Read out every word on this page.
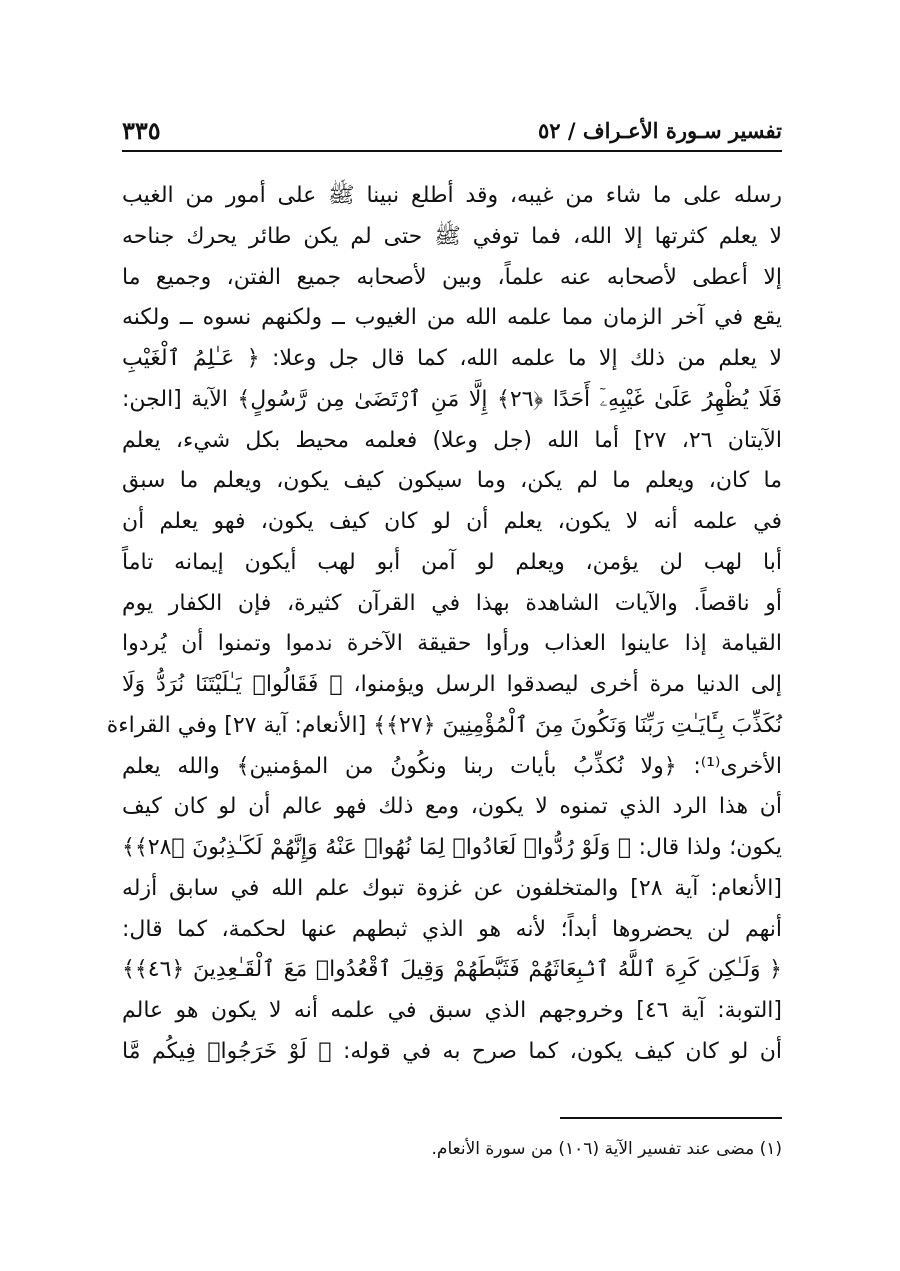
تفسير سـورة الأعـراف / ٥٢
٣٣٥
رسله على ما شاء من غيبه، وقد أطلع نبينا ﷺ على أمور من الغيب
لا يعلم كثرتها إلا الله، فما توفي ﷺ حتى لم يكن طائر يحرك جناحه
إلا أعطى لأصحابه عنه علماً، وبين لأصحابه جميع الفتن، وجميع ما
يقع في آخر الزمان مما علمه الله من الغيوب ــ ولكنهم نسوه ــ ولكنه
لا يعلم من ذلك إلا ما علمه الله، كما قال جل وعلا: ﴿ عَـٰلِمُ ٱلْغَيْبِ
فَلَا يُظْهِرُ عَلَىٰ غَيْبِهِۦٓ أَحَدًا ﴿٢٦﴾ إِلَّا مَنِ ٱرْتَضَىٰ مِن رَّسُولٍ﴾ الآية [الجن:
الآيتان ٢٦، ٢٧] أما الله (جل وعلا) فعلمه محيط بكل شيء، يعلم
ما كان، ويعلم ما لم يكن، وما سيكون كيف يكون، ويعلم ما سبق
في علمه أنه لا يكون، يعلم أن لو كان كيف يكون، فهو يعلم أن
أبا لهب لن يؤمن، ويعلم لو آمن أبو لهب أيكون إيمانه تاماً
أو ناقصاً. والآيات الشاهدة بهذا في القرآن كثيرة، فإن الكفار يوم
القيامة إذا عاينوا العذاب ورأوا حقيقة الآخرة ندموا وتمنوا أن يُردوا
إلى الدنيا مرة أخرى ليصدقوا الرسل ويؤمنوا، ﴿ فَقَالُوا۟ يَـٰلَيْتَنَا نُرَدُّ وَلَا
نُكَذِّبَ بِـَٔايَـٰتِ رَبِّنَا وَنَكُونَ مِنَ ٱلْمُؤْمِنِينَ ﴿٢٧﴾﴾ [الأنعام: آية ٢٧] وفي القراءة
الأخرى⁽¹⁾: ﴿ولا نُكذِّبُ بأيات ربنا ونكُونُ من المؤمنين﴾ والله يعلم
أن هذا الرد الذي تمنوه لا يكون، ومع ذلك فهو عالم أن لو كان كيف
يكون؛ ولذا قال: ﴿ وَلَوْ رُدُّوا۟ لَعَادُوا۟ لِمَا نُهُوا۟ عَنْهُ وَإِنَّهُمْ لَكَـٰذِبُونَ ﴿٢٨﴾﴾
[الأنعام: آية ٢٨] والمتخلفون عن غزوة تبوك علم الله في سابق أزله
أنهم لن يحضروها أبداً؛ لأنه هو الذي ثبطهم عنها لحكمة، كما قال:
﴿ وَلَـٰكِن كَرِهَ ٱللَّهُ ٱنۢبِعَاثَهُمْ فَثَبَّطَهُمْ وَقِيلَ ٱقْعُدُوا۟ مَعَ ٱلْقَـٰعِدِينَ ﴿٤٦﴾﴾
[التوبة: آية ٤٦] وخروجهم الذي سبق في علمه أنه لا يكون هو عالم
أن لو كان كيف يكون، كما صرح به في قوله: ﴿ لَوْ خَرَجُوا۟ فِيكُم مَّا
(١) مضى عند تفسير الآية (١٠٦) من سورة الأنعام.
